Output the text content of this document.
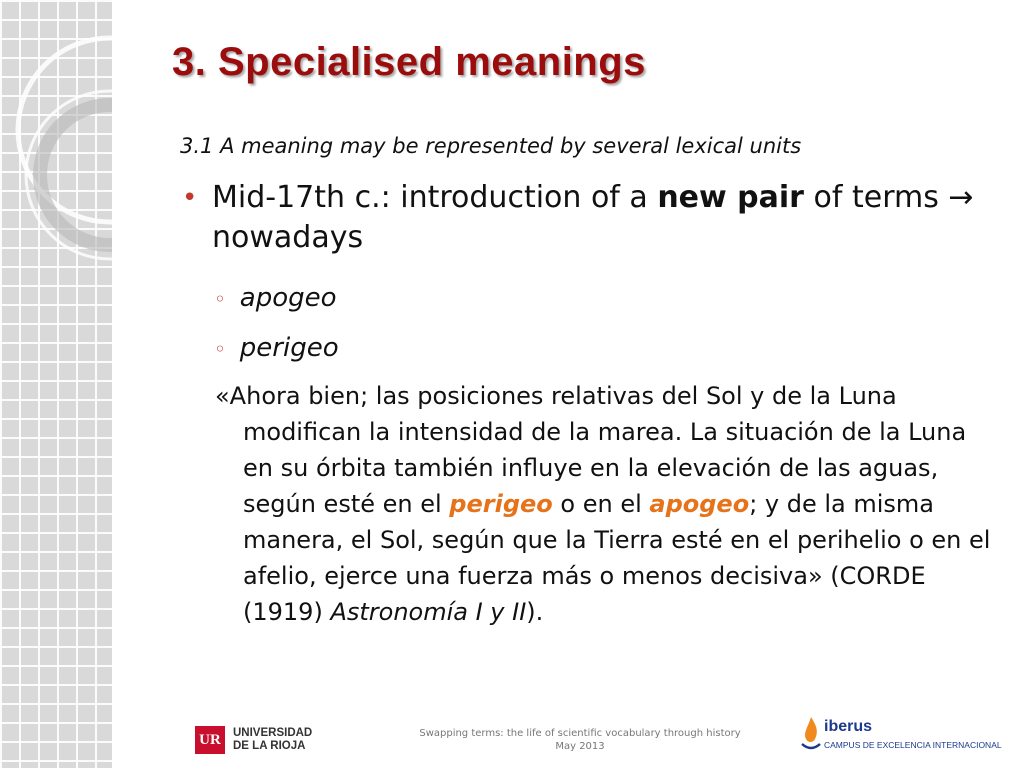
3. Specialised meanings
3.1 A meaning may be represented by several lexical units
• Mid-17th c.: introduction of a new pair of terms → nowadays
◦ apogeo
◦ perigeo
«Ahora bien; las posiciones relativas del Sol y de la Luna modifican la intensidad de la marea. La situación de la Luna en su órbita también influye en la elevación de las aguas, según esté en el perigeo o en el apogeo; y de la misma manera, el Sol, según que la Tierra esté en el perihelio o en el afelio, ejerce una fuerza más o menos decisiva» (CORDE (1919) Astronomía I y II).
UR	UNIVERSIDAD
DE LA RIOJA
Swapping terms: the life of scientific vocabulary through history
May 2013
iberus
CAMPUS DE EXCELENCIA INTERNACIONAL
